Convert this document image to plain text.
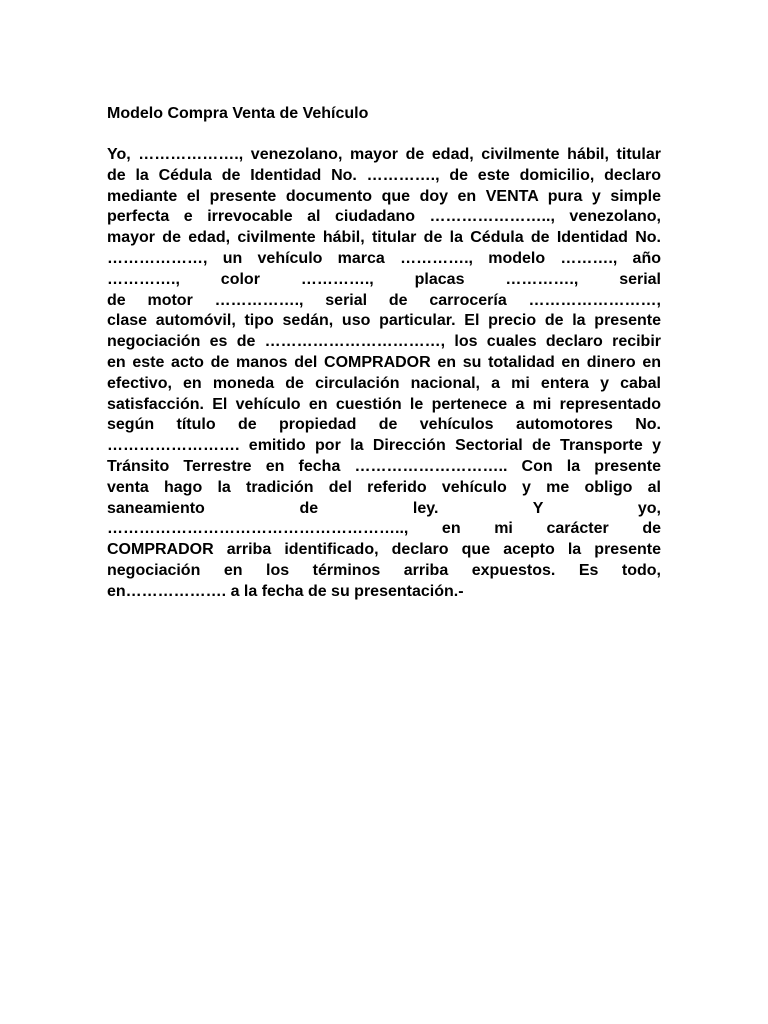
Modelo Compra Venta de Vehículo
Yo, ………………., venezolano, mayor de edad, civilmente hábil, titular
de la Cédula de Identidad No. …………., de este domicilio, declaro
mediante el presente documento que doy en VENTA pura y simple
perfecta e irrevocable al ciudadano ………………….., venezolano,
mayor de edad, civilmente hábil, titular de la Cédula de Identidad No.
………………, un vehículo marca …………., modelo ………., año
…………., color …………., placas …………., serial
de motor ……………., serial de carrocería ……………………,
clase automóvil, tipo sedán, uso particular. El precio de la presente
negociación es de ……………………………, los cuales declaro recibir
en este acto de manos del COMPRADOR en su totalidad en dinero en
efectivo, en moneda de circulación nacional, a mi entera y cabal
satisfacción. El vehículo en cuestión le pertenece a mi representado
según título de propiedad de vehículos automotores No.
……………………. emitido por la Dirección Sectorial de Transporte y
Tránsito Terrestre en fecha ……………………….. Con la presente
venta hago la tradición del referido vehículo y me obligo al
saneamiento de ley. Y yo,
……………………………………………….., en mi carácter de
COMPRADOR arriba identificado, declaro que acepto la presente
negociación en los términos arriba expuestos. Es todo,
en………………. a la fecha de su presentación.-
